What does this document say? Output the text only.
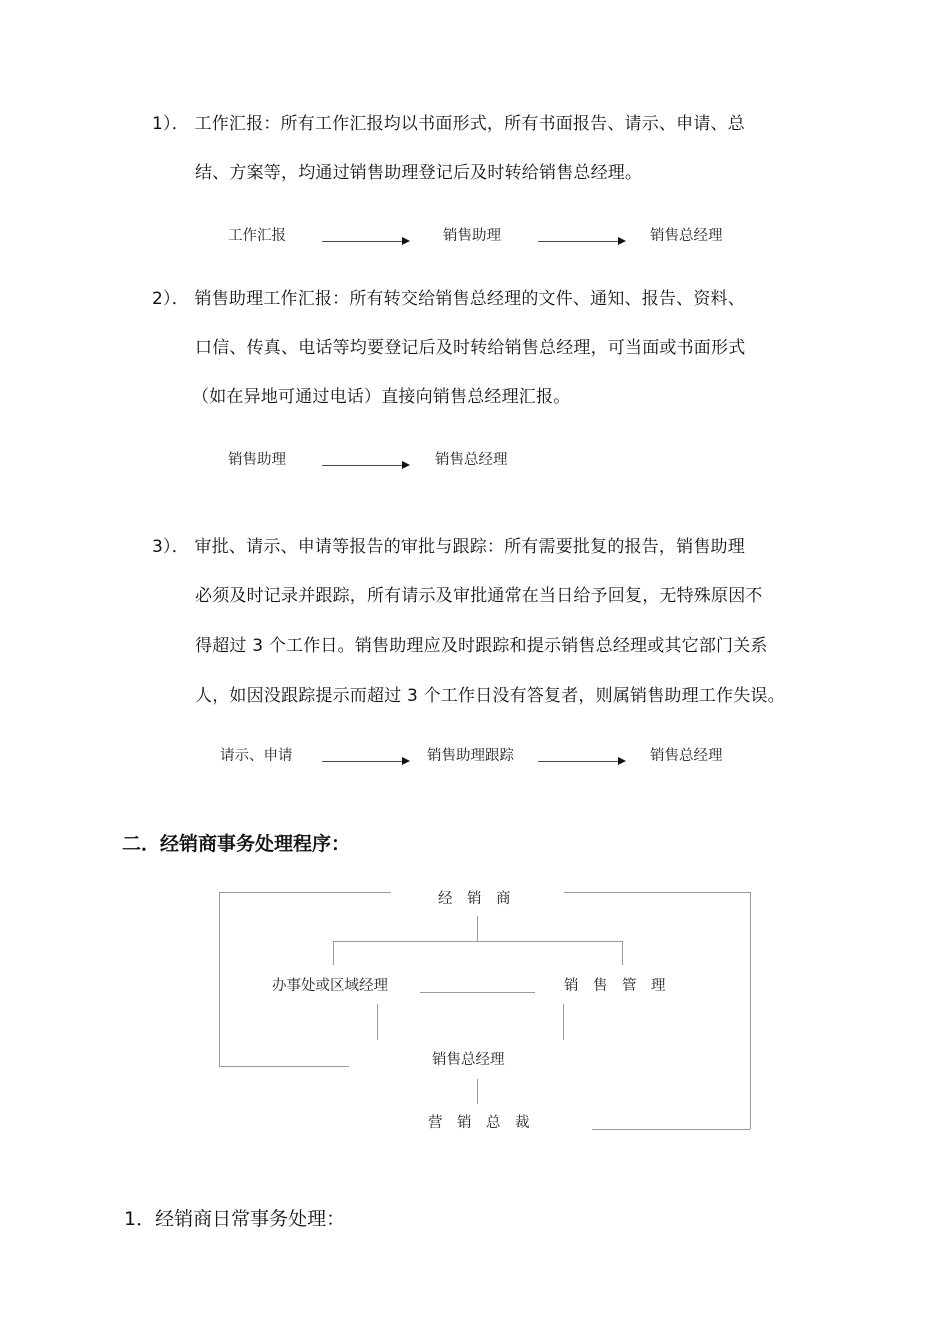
1）． 工作汇报：所有工作汇报均以书面形式，所有书面报告、请示、申请、总
结、方案等，均通过销售助理登记后及时转给销售总经理。
工作汇报	销售助理	销售总经理
2）． 销售助理工作汇报：所有转交给销售总经理的文件、通知、报告、资料、
口信、传真、电话等均要登记后及时转给销售总经理，可当面或书面形式
（如在异地可通过电话）直接向销售总经理汇报。
销售助理	销售总经理
3）． 审批、请示、申请等报告的审批与跟踪：所有需要批复的报告，销售助理
必须及时记录并跟踪，所有请示及审批通常在当日给予回复，无特殊原因不
得超过 3 个工作日。销售助理应及时跟踪和提示销售总经理或其它部门关系
人，如因没跟踪提示而超过 3 个工作日没有答复者，则属销售助理工作失误。
请示、申请	销售助理跟踪	销售总经理
二．经销商事务处理程序：
经　销　商
办事处或区域经理	销　售　管　理
销售总经理
营　销　总　裁
1．经销商日常事务处理：
